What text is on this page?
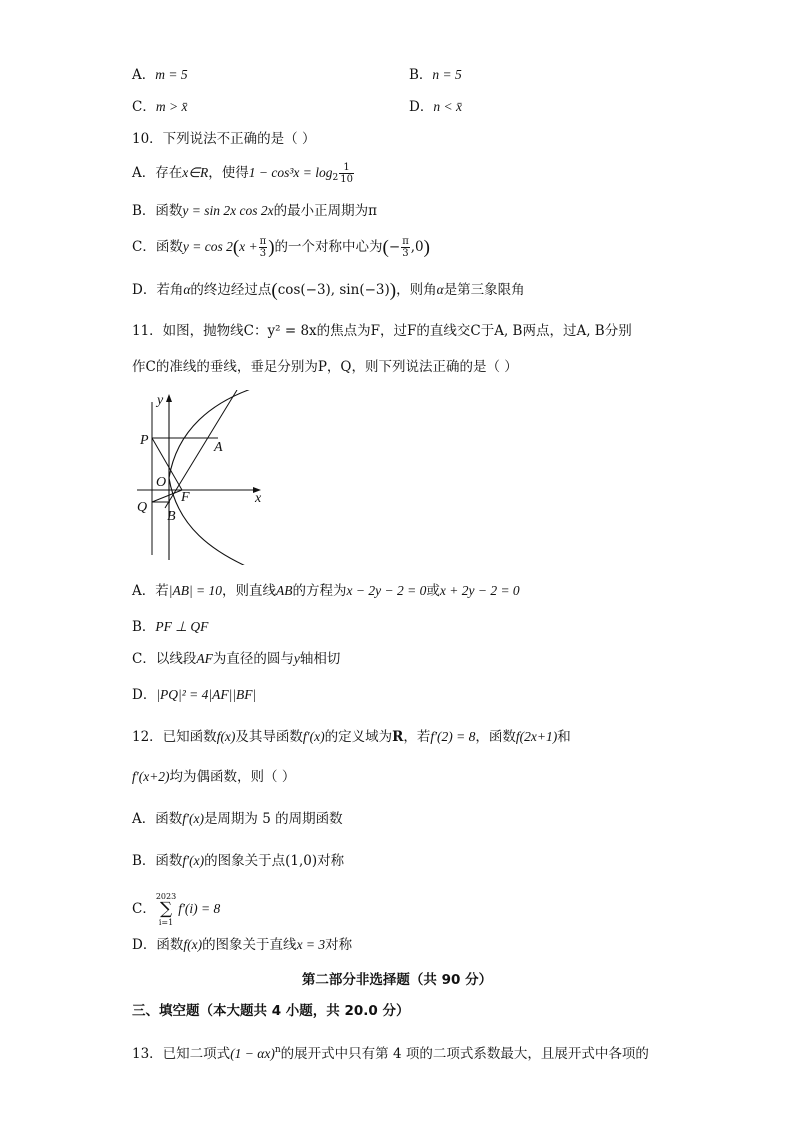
A．m = 5	B．n = 5
C．m > x̄	D．n < x̄
10．下列说法不正确的是（ ）
A．存在x∈R，使得$1 - \cos^3x = \log_2 \frac{1}{10}$
B．函数y = sin 2x cos 2x的最小正周期为π
C．函数$y = \cos 2(x + \frac{\pi}{3}$ )的一个对称中心为(− $\frac{\pi}{3} ,0$)
D．若角α的终边经过点(cos(−3), sin(−3))，则角α是第三象限角
11．如图，抛物线C：y² = 8x的焦点为F，过F的直线交C于A, B两点，过A, B分别
作C的准线的垂线，垂足分别为P，Q，则下列说法正确的是（ ）
y
x
P	A
O
F
Q
B
A．若|AB| = 10，则直线AB的方程为x − 2y − 2 = 0或x + 2y − 2 = 0
B．PF ⊥ QF
C．以线段AF为直径的圆与y轴相切
D．|PQ|² = 4|AF||BF|
12．已知函数f(x)及其导函数f′(x)的定义域为R，若f′(2) = 8，函数f(2x+1)和
f′(x+2)均为偶函数，则（ ）
A．函数f′(x)是周期为 5 的周期函数
B．函数f′(x)的图象关于点(1,0)对称
C．2023
∑
i=1f′(i) = 8
D．函数f(x)的图象关于直线x = 3对称
第二部分非选择题（共 90 分）
三、填空题（本大题共 4 小题，共 20.0 分）
13．已知二项式$(1 - \alpha x)^n$的展开式中只有第 4 项的二项式系数最大，且展开式中各项的
